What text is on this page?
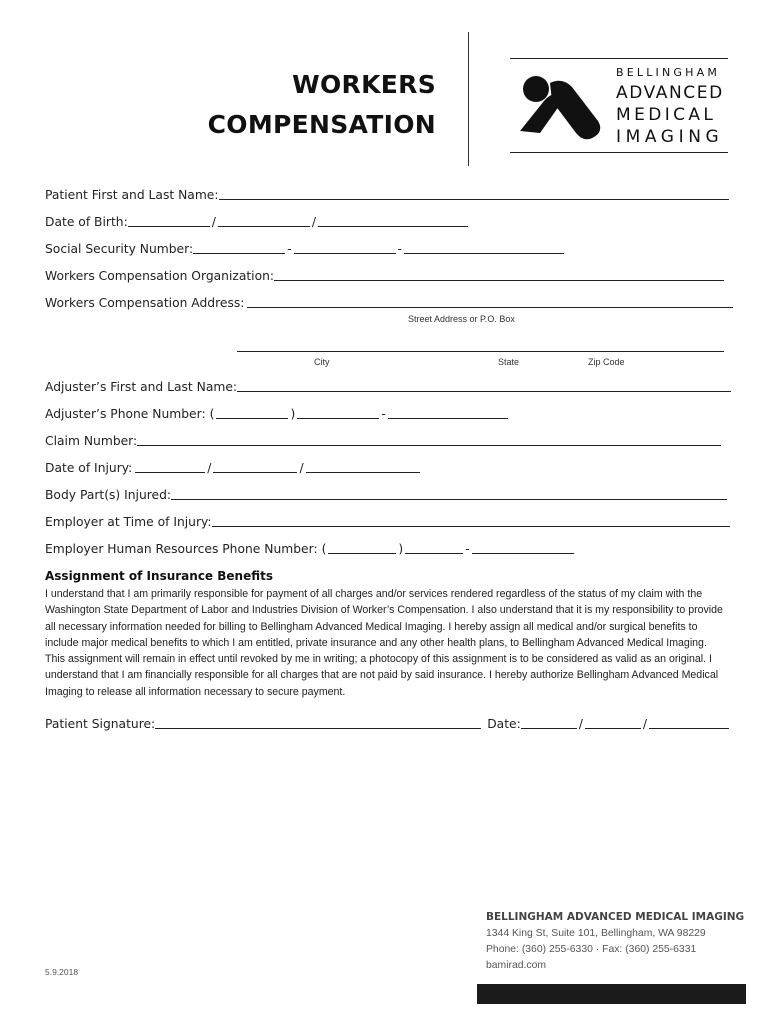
WORKERS
COMPENSATION
BELLINGHAM
ADVANCED
MEDICAL
IMAGING
Patient First and Last Name:
Date of Birth:	/	/
Social Security Number:	-	-
Workers Compensation Organization:
Workers Compensation Address:
Street Address or P.O. Box
City	State	Zip Code
Adjuster’s First and Last Name:
Adjuster’s Phone Number: (	)	-
Claim Number:
Date of Injury:	/	/
Body Part(s) Injured:
Employer at Time of Injury:
Employer Human Resources Phone Number: (	)	-
Assignment of Insurance Benefits
I understand that I am primarily responsible for payment of all charges and/or services rendered regardless of the status of my claim with the Washington State Department of Labor and Industries Division of Worker’s Compensation. I also understand that it is my responsibility to provide all necessary information needed for billing to Bellingham Advanced Medical Imaging. I hereby assign all medical and/or surgical benefits to include major medical benefits to which I am entitled, private insurance and any other health plans, to Bellingham Advanced Medical Imaging. This assignment will remain in effect until revoked by me in writing; a photocopy of this assignment is to be considered as valid as an original. I understand that I am financially responsible for all charges that are not paid by said insurance. I hereby authorize Bellingham Advanced Medical Imaging to release all information necessary to secure payment.
Patient Signature:	Date:	/	/
BELLINGHAM ADVANCED MEDICAL IMAGING
1344 King St, Suite 101, Bellingham, WA 98229
Phone: (360) 255-6330 · Fax: (360) 255-6331
bamirad.com
5.9.2018
